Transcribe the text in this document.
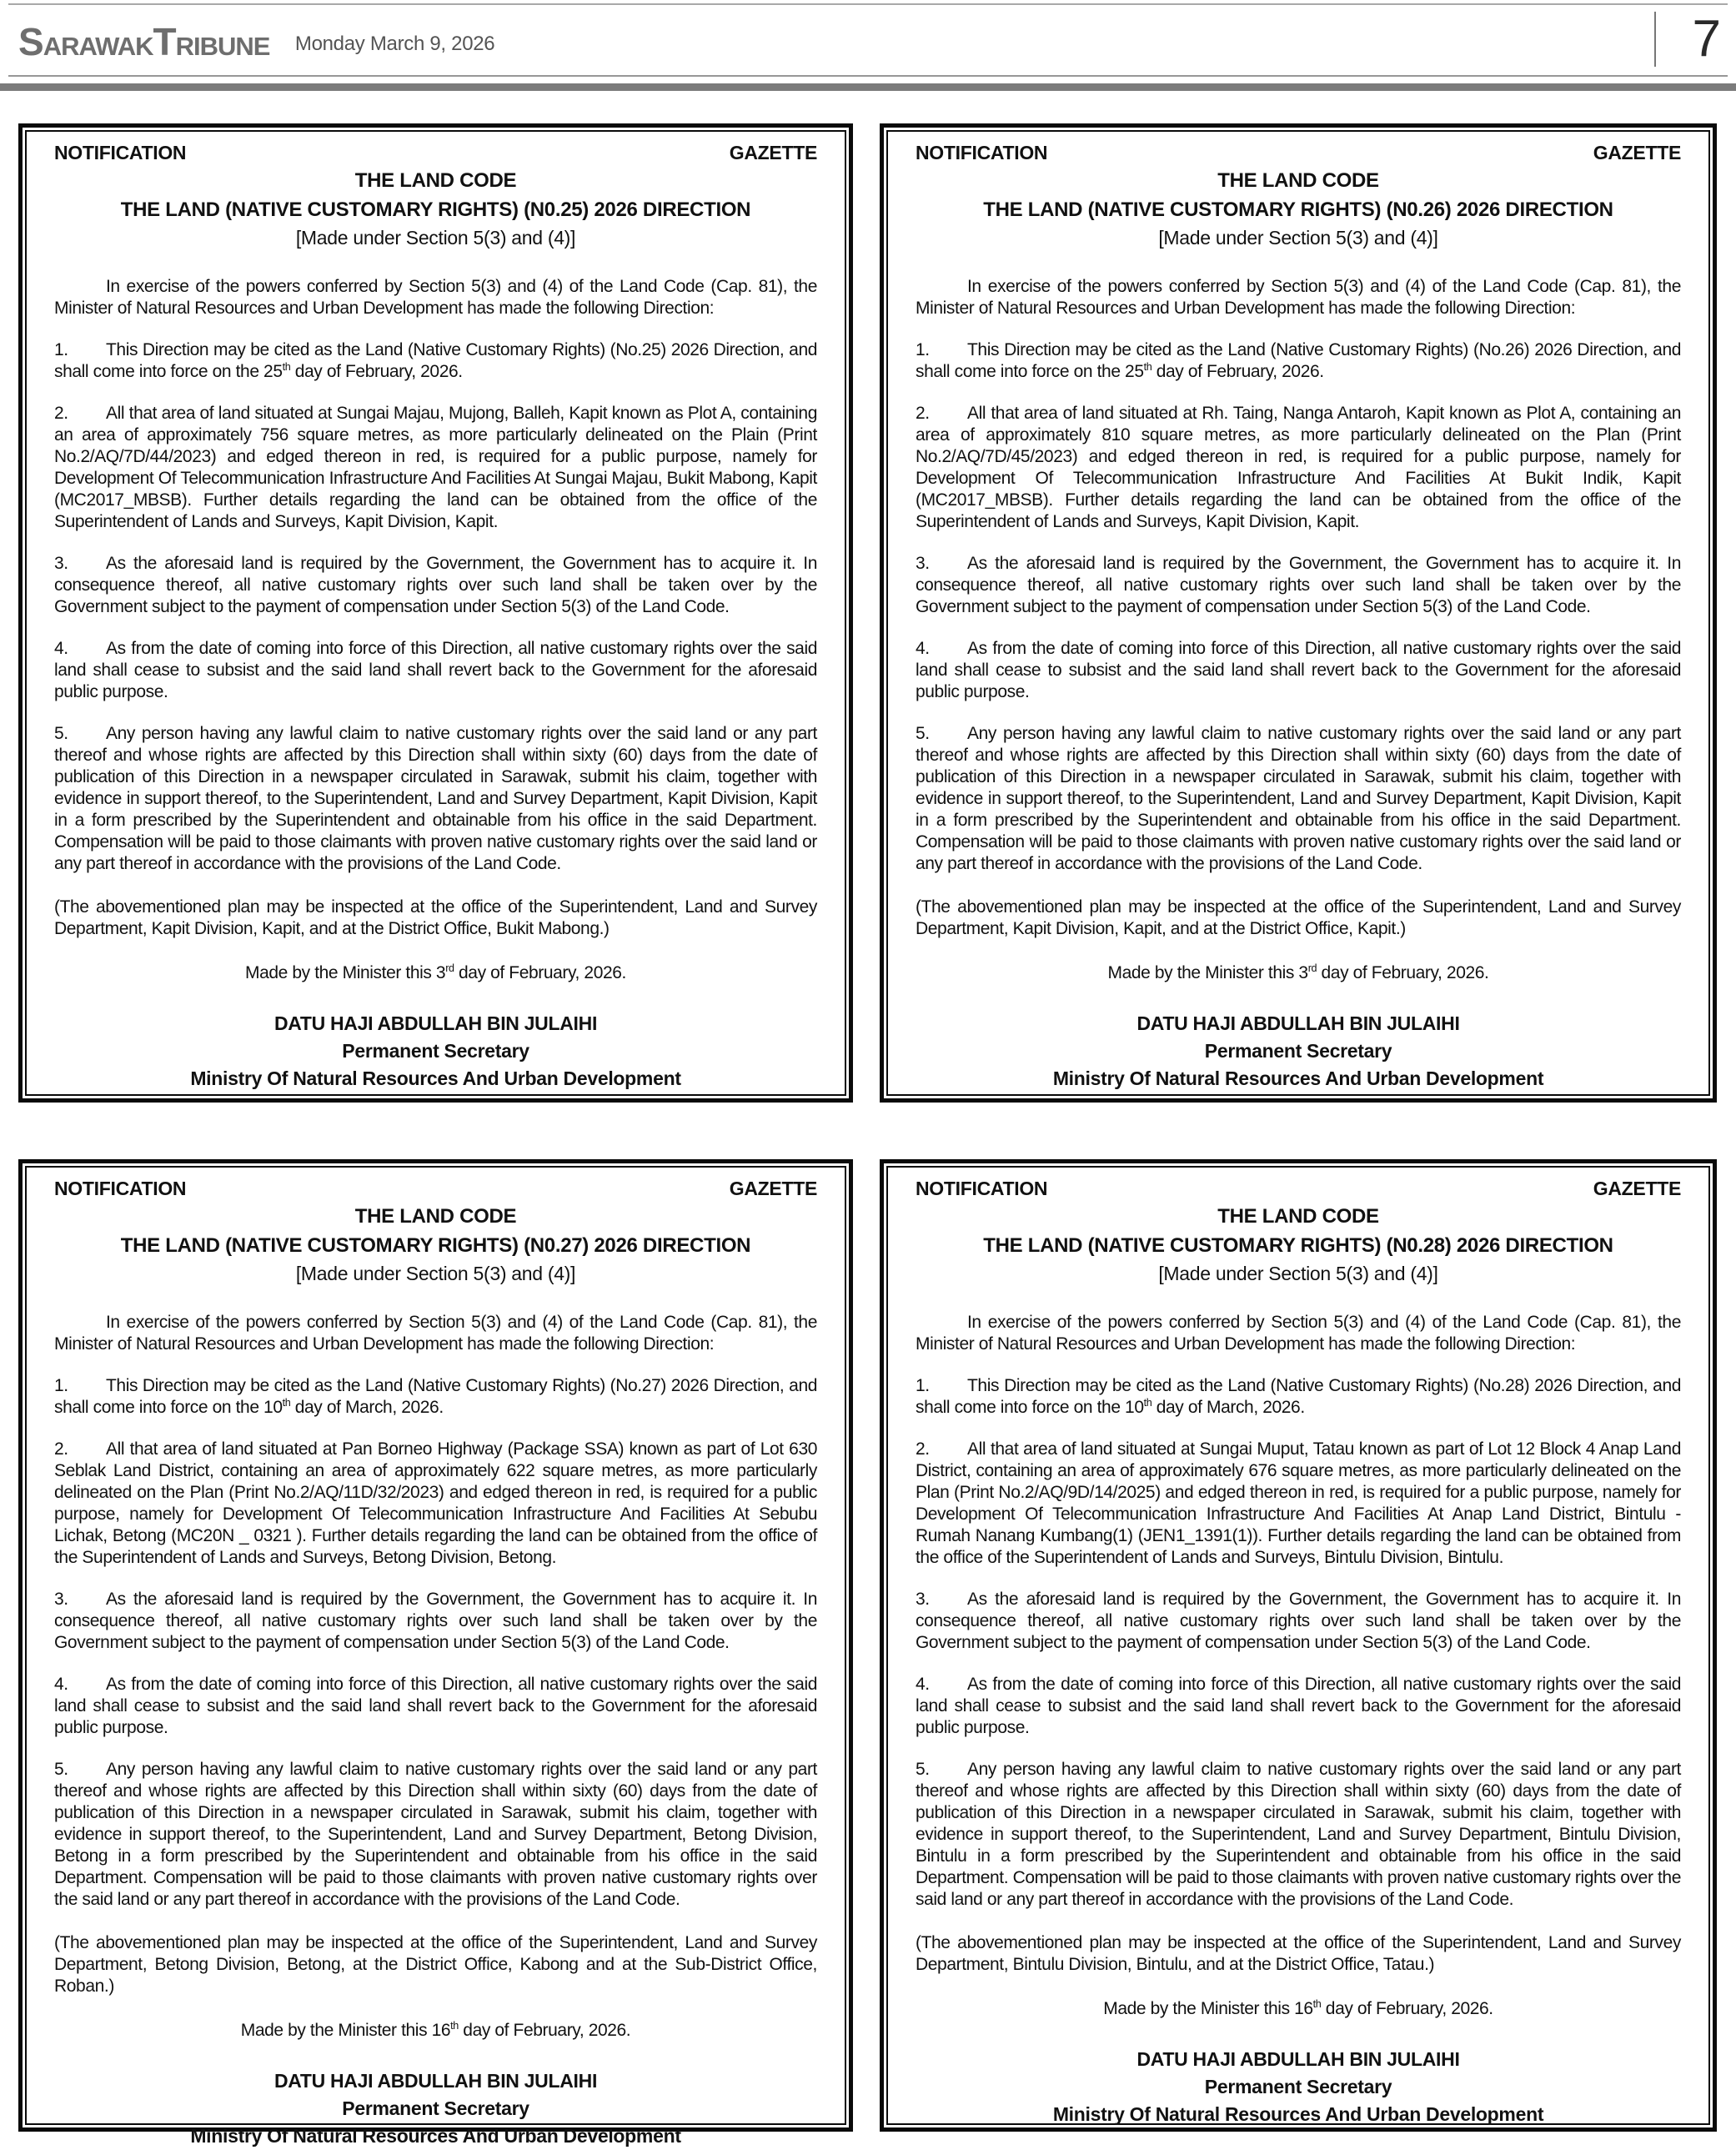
SARAWAKTRIBUNE Monday March 9, 2026	7
NOTIFICATION	GAZETTE
THE LAND CODE
THE LAND (NATIVE CUSTOMARY RIGHTS) (N0.25) 2026 DIRECTION
[Made under Section 5(3) and (4)]

In exercise of the powers conferred by Section 5(3) and (4) of the Land Code (Cap. 81), the Minister of Natural Resources and Urban Development has made the following Direction:

1. This Direction may be cited as the Land (Native Customary Rights) (No.25) 2026 Direction, and shall come into force on the 25th day of February, 2026.

2. All that area of land situated at Sungai Majau, Mujong, Balleh, Kapit known as Plot A, containing an area of approximately 756 square metres, as more particularly delineated on the Plain (Print No.2/AQ/7D/44/2023) and edged thereon in red, is required for a public purpose, namely for Development Of Telecommunication Infrastructure And Facilities At Sungai Majau, Bukit Mabong, Kapit (MC2017_MBSB). Further details regarding the land can be obtained from the office of the Superintendent of Lands and Surveys, Kapit Division, Kapit.

3. As the aforesaid land is required by the Government, the Government has to acquire it. In consequence thereof, all native customary rights over such land shall be taken over by the Government subject to the payment of compensation under Section 5(3) of the Land Code.

4. As from the date of coming into force of this Direction, all native customary rights over the said land shall cease to subsist and the said land shall revert back to the Government for the aforesaid public purpose.

5. Any person having any lawful claim to native customary rights over the said land or any part thereof and whose rights are affected by this Direction shall within sixty (60) days from the date of publication of this Direction in a newspaper circulated in Sarawak, submit his claim, together with evidence in support thereof, to the Superintendent, Land and Survey Department, Kapit Division, Kapit in a form prescribed by the Superintendent and obtainable from his office in the said Department. Compensation will be paid to those claimants with proven native customary rights over the said land or any part thereof in accordance with the provisions of the Land Code.

(The abovementioned plan may be inspected at the office of the Superintendent, Land and Survey Department, Kapit Division, Kapit, and at the District Office, Bukit Mabong.)

Made by the Minister this 3rd day of February, 2026.

DATU HAJI ABDULLAH BIN JULAIHI
Permanent Secretary
Ministry Of Natural Resources And Urban Development
NOTIFICATION	GAZETTE
THE LAND CODE
THE LAND (NATIVE CUSTOMARY RIGHTS) (N0.26) 2026 DIRECTION
[Made under Section 5(3) and (4)]

In exercise of the powers conferred by Section 5(3) and (4) of the Land Code (Cap. 81), the Minister of Natural Resources and Urban Development has made the following Direction:

1. This Direction may be cited as the Land (Native Customary Rights) (No.26) 2026 Direction, and shall come into force on the 25th day of February, 2026.

2. All that area of land situated at Rh. Taing, Nanga Antaroh, Kapit known as Plot A, containing an area of approximately 810 square metres, as more particularly delineated on the Plan (Print No.2/AQ/7D/45/2023) and edged thereon in red, is required for a public purpose, namely for Development Of Telecommunication Infrastructure And Facilities At Bukit Indik, Kapit (MC2017_MBSB). Further details regarding the land can be obtained from the office of the Superintendent of Lands and Surveys, Kapit Division, Kapit.

3. As the aforesaid land is required by the Government, the Government has to acquire it. In consequence thereof, all native customary rights over such land shall be taken over by the Government subject to the payment of compensation under Section 5(3) of the Land Code.

4. As from the date of coming into force of this Direction, all native customary rights over the said land shall cease to subsist and the said land shall revert back to the Government for the aforesaid public purpose.

5. Any person having any lawful claim to native customary rights over the said land or any part thereof and whose rights are affected by this Direction shall within sixty (60) days from the date of publication of this Direction in a newspaper circulated in Sarawak, submit his claim, together with evidence in support thereof, to the Superintendent, Land and Survey Department, Kapit Division, Kapit in a form prescribed by the Superintendent and obtainable from his office in the said Department. Compensation will be paid to those claimants with proven native customary rights over the said land or any part thereof in accordance with the provisions of the Land Code.

(The abovementioned plan may be inspected at the office of the Superintendent, Land and Survey Department, Kapit Division, Kapit, and at the District Office, Kapit.)

Made by the Minister this 3rd day of February, 2026.

DATU HAJI ABDULLAH BIN JULAIHI
Permanent Secretary
Ministry Of Natural Resources And Urban Development
NOTIFICATION	GAZETTE
THE LAND CODE
THE LAND (NATIVE CUSTOMARY RIGHTS) (N0.27) 2026 DIRECTION
[Made under Section 5(3) and (4)]

In exercise of the powers conferred by Section 5(3) and (4) of the Land Code (Cap. 81), the Minister of Natural Resources and Urban Development has made the following Direction:

1. This Direction may be cited as the Land (Native Customary Rights) (No.27) 2026 Direction, and shall come into force on the 10th day of March, 2026.

2. All that area of land situated at Pan Borneo Highway (Package SSA) known as part of Lot 630 Seblak Land District, containing an area of approximately 622 square metres, as more particularly delineated on the Plan (Print No.2/AQ/11D/32/2023) and edged thereon in red, is required for a public purpose, namely for Development Of Telecommunication Infrastructure And Facilities At Sebubu Lichak, Betong (MC20N _ 0321 ). Further details regarding the land can be obtained from the office of the Superintendent of Lands and Surveys, Betong Division, Betong.

3. As the aforesaid land is required by the Government, the Government has to acquire it. In consequence thereof, all native customary rights over such land shall be taken over by the Government subject to the payment of compensation under Section 5(3) of the Land Code.

4. As from the date of coming into force of this Direction, all native customary rights over the said land shall cease to subsist and the said land shall revert back to the Government for the aforesaid public purpose.

5. Any person having any lawful claim to native customary rights over the said land or any part thereof and whose rights are affected by this Direction shall within sixty (60) days from the date of publication of this Direction in a newspaper circulated in Sarawak, submit his claim, together with evidence in support thereof, to the Superintendent, Land and Survey Department, Betong Division, Betong in a form prescribed by the Superintendent and obtainable from his office in the said Department. Compensation will be paid to those claimants with proven native customary rights over the said land or any part thereof in accordance with the provisions of the Land Code.

(The abovementioned plan may be inspected at the office of the Superintendent, Land and Survey Department, Betong Division, Betong, at the District Office, Kabong and at the Sub-District Office, Roban.)

Made by the Minister this 16th day of February, 2026.

DATU HAJI ABDULLAH BIN JULAIHI
Permanent Secretary
Ministry Of Natural Resources And Urban Development
NOTIFICATION	GAZETTE
THE LAND CODE
THE LAND (NATIVE CUSTOMARY RIGHTS) (N0.28) 2026 DIRECTION
[Made under Section 5(3) and (4)]

In exercise of the powers conferred by Section 5(3) and (4) of the Land Code (Cap. 81), the Minister of Natural Resources and Urban Development has made the following Direction:

1. This Direction may be cited as the Land (Native Customary Rights) (No.28) 2026 Direction, and shall come into force on the 10th day of March, 2026.

2. All that area of land situated at Sungai Muput, Tatau known as part of Lot 12 Block 4 Anap Land District, containing an area of approximately 676 square metres, as more particularly delineated on the Plan (Print No.2/AQ/9D/14/2025) and edged thereon in red, is required for a public purpose, namely for Development Of Telecommunication Infrastructure And Facilities At Anap Land District, Bintulu - Rumah Nanang Kumbang(1) (JEN1_1391(1)). Further details regarding the land can be obtained from the office of the Superintendent of Lands and Surveys, Bintulu Division, Bintulu.

3. As the aforesaid land is required by the Government, the Government has to acquire it. In consequence thereof, all native customary rights over such land shall be taken over by the Government subject to the payment of compensation under Section 5(3) of the Land Code.

4. As from the date of coming into force of this Direction, all native customary rights over the said land shall cease to subsist and the said land shall revert back to the Government for the aforesaid public purpose.

5. Any person having any lawful claim to native customary rights over the said land or any part thereof and whose rights are affected by this Direction shall within sixty (60) days from the date of publication of this Direction in a newspaper circulated in Sarawak, submit his claim, together with evidence in support thereof, to the Superintendent, Land and Survey Department, Bintulu Division, Bintulu in a form prescribed by the Superintendent and obtainable from his office in the said Department. Compensation will be paid to those claimants with proven native customary rights over the said land or any part thereof in accordance with the provisions of the Land Code.

(The abovementioned plan may be inspected at the office of the Superintendent, Land and Survey Department, Bintulu Division, Bintulu, and at the District Office, Tatau.)

Made by the Minister this 16th day of February, 2026.

DATU HAJI ABDULLAH BIN JULAIHI
Permanent Secretary
Ministry Of Natural Resources And Urban Development
